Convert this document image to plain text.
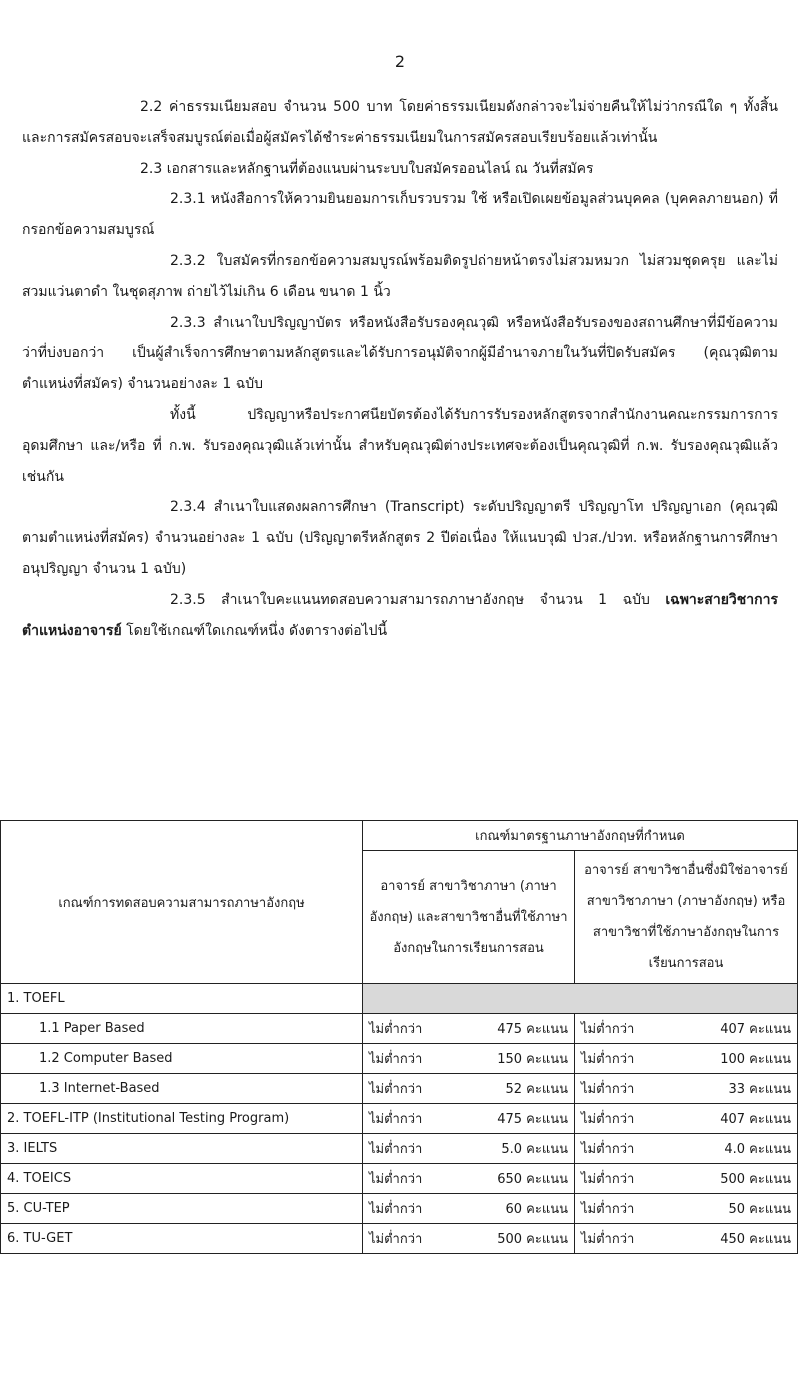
2

2.2 ค่าธรรมเนียมสอบ จำนวน 500 บาท โดยค่าธรรมเนียมดังกล่าวจะไม่จ่ายคืนให้ไม่ว่ากรณีใด ๆ ทั้งสิ้น และการสมัครสอบจะเสร็จสมบูรณ์ต่อเมื่อผู้สมัครได้ชำระค่าธรรมเนียมในการสมัครสอบเรียบร้อยแล้วเท่านั้น

2.3 เอกสารและหลักฐานที่ต้องแนบผ่านระบบใบสมัครออนไลน์ ณ วันที่สมัคร

2.3.1 หนังสือการให้ความยินยอมการเก็บรวบรวม ใช้ หรือเปิดเผยข้อมูลส่วนบุคคล (บุคคลภายนอก) ที่กรอกข้อความสมบูรณ์

2.3.2 ใบสมัครที่กรอกข้อความสมบูรณ์พร้อมติดรูปถ่ายหน้าตรงไม่สวมหมวก ไม่สวมชุดครุย และไม่สวมแว่นตาดำ ในชุดสุภาพ ถ่ายไว้ไม่เกิน 6 เดือน ขนาด 1 นิ้ว

2.3.3 สำเนาใบปริญญาบัตร หรือหนังสือรับรองคุณวุฒิ หรือหนังสือรับรองของสถานศึกษาที่มีข้อความว่าที่บ่งบอกว่า เป็นผู้สำเร็จการศึกษาตามหลักสูตรและได้รับการอนุมัติจากผู้มีอำนาจภายในวันที่ปิดรับสมัคร (คุณวุฒิตามตำแหน่งที่สมัคร) จำนวนอย่างละ 1 ฉบับ

ทั้งนี้ ปริญญาหรือประกาศนียบัตรต้องได้รับการรับรองหลักสูตรจากสำนักงานคณะกรรมการการอุดมศึกษา และ/หรือ ที่ ก.พ. รับรองคุณวุฒิแล้วเท่านั้น สำหรับคุณวุฒิต่างประเทศจะต้องเป็นคุณวุฒิที่ ก.พ. รับรองคุณวุฒิแล้วเช่นกัน

2.3.4 สำเนาใบแสดงผลการศึกษา (Transcript) ระดับปริญญาตรี ปริญญาโท ปริญญาเอก (คุณวุฒิตามตำแหน่งที่สมัคร) จำนวนอย่างละ 1 ฉบับ (ปริญญาตรีหลักสูตร 2 ปีต่อเนื่อง ให้แนบวุฒิ ปวส./ปวท. หรือหลักฐานการศึกษาอนุปริญญา จำนวน 1 ฉบับ)

2.3.5 สำเนาใบคะแนนทดสอบความสามารถภาษาอังกฤษ จำนวน 1 ฉบับ เฉพาะสายวิชาการ ตำแหน่งอาจารย์ โดยใช้เกณฑ์ใดเกณฑ์หนึ่ง ดังตารางต่อไปนี้

เกณฑ์การทดสอบความสามารถภาษาอังกฤษ	เกณฑ์มาตรฐานภาษาอังกฤษที่กำหนด	
	อาจารย์ สาขาวิชาภาษา (ภาษาอังกฤษ) และสาขาวิชาอื่นที่ใช้ภาษาอังกฤษในการเรียนการสอน	อาจารย์ สาขาวิชาอื่นซึ่งมิใช่อาจารย์สาขาวิชาภาษา (ภาษาอังกฤษ) หรือสาขาวิชาที่ใช้ภาษาอังกฤษในการเรียนการสอน
1. TOEFL		
1.1 Paper Based	ไม่ต่ำกว่า 475 คะแนน	ไม่ต่ำกว่า 407 คะแนน

1.2 Computer Based	ไม่ต่ำกว่า 150 คะแนน	ไม่ต่ำกว่า 100 คะแนน

1.3 Internet-Based	ไม่ต่ำกว่า 52 คะแนน	ไม่ต่ำกว่า 33 คะแนน

2. TOEFL-ITP (Institutional Testing Program)	ไม่ต่ำกว่า 475 คะแนน	ไม่ต่ำกว่า 407 คะแนน

3. IELTS	ไม่ต่ำกว่า 5.0 คะแนน	ไม่ต่ำกว่า 4.0 คะแนน

4. TOEICS	ไม่ต่ำกว่า 650 คะแนน	ไม่ต่ำกว่า 500 คะแนน

5. CU-TEP	ไม่ต่ำกว่า 60 คะแนน	ไม่ต่ำกว่า 50 คะแนน

6. TU-GET	ไม่ต่ำกว่า 500 คะแนน	ไม่ต่ำกว่า 450 คะแนน
